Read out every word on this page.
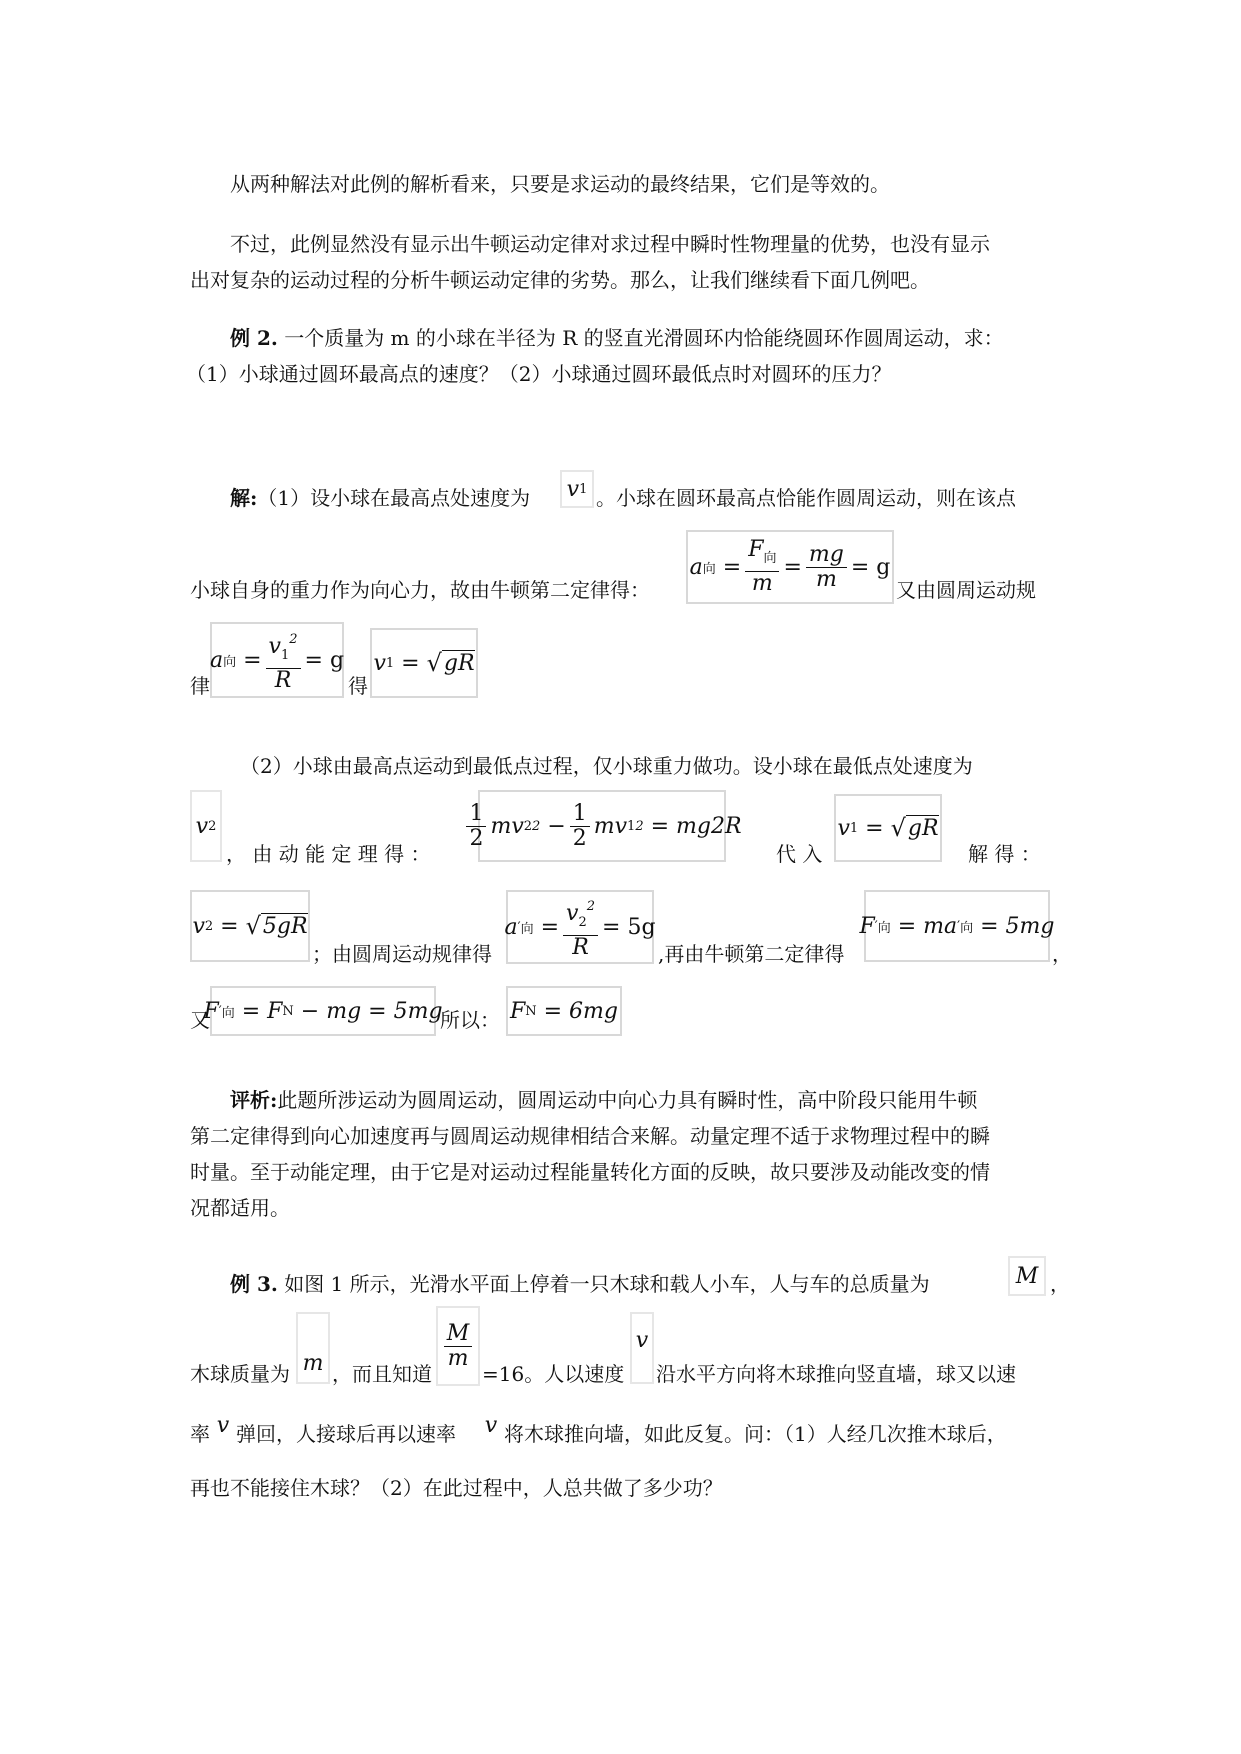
从两种解法对此例的解析看来，只要是求运动的最终结果，它们是等效的。

不过，此例显然没有显示出牛顿运动定律对求过程中瞬时性物理量的优势，也没有显示

出对复杂的运动过程的分析牛顿运动定律的劣势。那么，让我们继续看下面几例吧。

例 2. 一个质量为 m 的小球在半径为 R 的竖直光滑圆环内恰能绕圆环作圆周运动，求：

（1）小球通过圆环最高点的速度？（2）小球通过圆环最低点时对圆环的压力？

解:（1）设小球在最高点处速度为 v 1 。小球在圆环最高点恰能作圆周运动，则在该点
小球自身的重力作为向心力，故由牛顿第二定律得：
a 向
= $\frac{F_向}{m} = \frac{mg}{m} = g$
又由圆周运动规
律
a 向
= $\frac{v_1^2}{R} = g$
得
v 1
=
√ gR
（2）小球由最高点运动到最低点过程，仅小球重力做功。设小球在最低点处速度为
v 2
， 由 动 能 定 理 得 ：
$\frac{1}{2}$ mv 2 2
− $\frac{1}{2}$ mv 1 2
= mg2R
代 入
v 1
=
√ gR
解 得 ：
v 2
=
√ 5gR
；由圆周运动规律得
a ′ 向
= $\frac{v_2^2}{R} = 5g$
,再由牛顿第二定律得
F ′ 向
= ma ′ 向
= 5mg
，
又
F ′ 向
=
F N
− mg
= 5mg
所以： F N
= 6mg

评析:此题所涉运动为圆周运动，圆周运动中向心力具有瞬时性，高中阶段只能用牛顿

第二定律得到向心加速度再与圆周运动规律相结合来解。动量定理不适于求物理过程中的瞬

时量。至于动能定理，由于它是对运动过程能量转化方面的反映，故只要涉及动能改变的情

况都适用。

例 3. 如图 1 所示，光滑水平面上停着一只木球和载人小车，人与车的总质量为	M ，
木球质量为 m ，而且知道
$\frac{M}{m}$
=16。人以速度
v
沿水平方向将木球推向竖直墙，球又以速
率 v 弹回，人接球后再以速率 v 将木球推向墙，如此反复。问：（1）人经几次推木球后，
再也不能接住木球？（2）在此过程中，人总共做了多少功？
